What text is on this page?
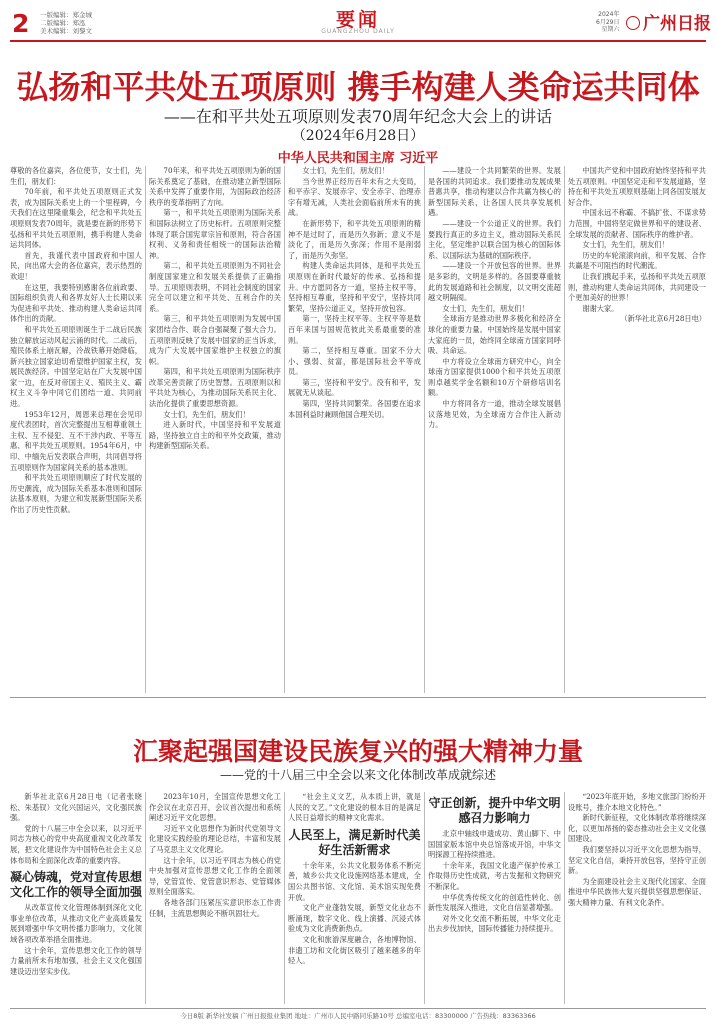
2 一版编辑：郑金城
二版编辑：郑泓
美术编辑：刘黎文	要闻
GUANGZHOU DAILY
2024年
6月29日
星期六	广州日报
弘扬和平共处五项原则 携手构建人类命运共同体
——在和平共处五项原则发表70周年纪念大会上的讲话
（2024年6月28日）
中华人民共和国主席 习近平

尊敬的各位嘉宾，各位使节，女士们，先生们，朋友们：

70年前，和平共处五项原则正式发表，成为国际关系史上的一个里程碑，今天我们在这里隆重集会，纪念和平共处五项原则发表70周年，就是要在新的形势下弘扬和平共处五项原则，携手构建人类命运共同体。

首先，我谨代表中国政府和中国人民，向出席大会的各位嘉宾，表示热烈的欢迎！

在这里，我要特别感谢各位前政要、国际组织负责人和各界友好人士长期以来为促进和平共处、推动构建人类命运共同体作出的贡献。

和平共处五项原则诞生于二战后民族独立解放运动风起云涌的时代。二战后，殖民体系土崩瓦解，冷战铁幕开始降临，新兴独立国家迫切希望维护国家主权，发展民族经济。中国坚定站在广大发展中国家一边，在反对帝国主义、殖民主义、霸权主义斗争中同它们团结一道、共同前进。

1953年12月，周恩来总理在会见印度代表团时，首次完整提出互相尊重领土主权、互不侵犯、互不干涉内政、平等互惠、和平共处五项原则。1954年6月，中印、中缅先后发表联合声明，共同倡导将五项原则作为国家间关系的基本准则。

和平共处五项原则顺应了时代发展的历史潮流，成为国际关系基本准则和国际法基本原则，为建立和发展新型国际关系作出了历史性贡献。

70年来，和平共处五项原则为新的国际关系奠定了基础，在推动建立新型国际关系中发挥了重要作用，为国际政治经济秩序的变革指明了方向。

第一，和平共处五项原则为国际关系和国际法树立了历史标杆。五项原则完整体现了联合国宪章宗旨和原则，符合各国权利、义务和责任相统一的国际法治精神。

第二，和平共处五项原则为不同社会制度国家建立和发展关系提供了正确指导。五项原则表明，不同社会制度的国家完全可以建立和平共处、互利合作的关系。

第三，和平共处五项原则为发展中国家团结合作、联合自强凝聚了强大合力。五项原则反映了发展中国家的正当诉求，成为广大发展中国家维护主权独立的旗帜。

第四，和平共处五项原则为国际秩序改革完善贡献了历史智慧。五项原则以和平共处为核心，为推动国际关系民主化、法治化提供了重要思想资源。

女士们，先生们，朋友们！

进入新时代，中国坚持和平发展道路，坚持独立自主的和平外交政策，推动构建新型国际关系。

女士们，先生们，朋友们！

当今世界正经历百年未有之大变局，和平赤字、发展赤字、安全赤字、治理赤字有增无减，人类社会面临前所未有的挑战。

在新形势下，和平共处五项原则的精神不是过时了，而是历久弥新；意义不是淡化了，而是历久弥深；作用不是削弱了，而是历久弥坚。

构建人类命运共同体，是和平共处五项原则在新时代最好的传承、弘扬和提升。中方愿同各方一道，坚持主权平等，坚持相互尊重，坚持和平安宁，坚持共同繁荣，坚持公道正义，坚持开放包容。

第一，坚持主权平等。主权平等是数百年来国与国规范彼此关系最重要的准则。

第二，坚持相互尊重。国家不分大小、强弱、贫富，都是国际社会平等成员。

第三，坚持和平安宁。没有和平，发展就无从谈起。

第四，坚持共同繁荣。各国要在追求本国利益时兼顾他国合理关切。

——建设一个共同繁荣的世界。发展是各国的共同追求。我们要推动发展成果普惠共享，推动构建以合作共赢为核心的新型国际关系，让各国人民共享发展机遇。

——建设一个公道正义的世界。我们要践行真正的多边主义，推动国际关系民主化，坚定维护以联合国为核心的国际体系、以国际法为基础的国际秩序。

——建设一个开放包容的世界。世界是多彩的，文明是多样的。各国要尊重彼此的发展道路和社会制度，以文明交流超越文明隔阂。

女士们，先生们，朋友们！

全球南方是推动世界多极化和经济全球化的重要力量。中国始终是发展中国家大家庭的一员，始终同全球南方国家同呼吸、共命运。

中方将设立全球南方研究中心，向全球南方国家提供1000个和平共处五项原则卓越奖学金名额和10万个研修培训名额。

中方将同各方一道，推动全球发展倡议落地见效，为全球南方合作注入新动力。

中国共产党和中国政府始终坚持和平共处五项原则。中国坚定走和平发展道路，坚持在和平共处五项原则基础上同各国发展友好合作。

中国永远不称霸、不搞扩张、不谋求势力范围，中国将坚定做世界和平的建设者、全球发展的贡献者、国际秩序的维护者。

女士们，先生们，朋友们！

历史的车轮滚滚向前，和平发展、合作共赢是不可阻挡的时代潮流。

让我们携起手来，弘扬和平共处五项原则，推动构建人类命运共同体，共同建设一个更加美好的世界！

谢谢大家。

（新华社北京6月28日电）

汇聚起强国建设民族复兴的强大精神力量
——党的十八届三中全会以来文化体制改革成就综述

新华社北京6月28日电（记者张晓松、朱基钗）文化兴国运兴，文化强民族强。

党的十八届三中全会以来，以习近平同志为核心的党中央高度重视文化改革发展，把文化建设作为中国特色社会主义总体布局和全面深化改革的重要内容。

凝心铸魂，党对宣传思想文化工作的领导全面加强

从改革宣传文化管理体制到深化文化事业单位改革，从推动文化产业高质量发展到增强中华文明传播力影响力，文化领域各项改革举措全面推进。

这十余年，宣传思想文化工作的领导力量前所未有地加强，社会主义文化强国建设迈出坚实步伐。

2023年10月，全国宣传思想文化工作会议在北京召开，会议首次提出和系统阐述习近平文化思想。

习近平文化思想作为新时代党领导文化建设实践经验的理论总结，丰富和发展了马克思主义文化理论。

这十余年，以习近平同志为核心的党中央加强对宣传思想文化工作的全面领导，党管宣传、党管意识形态、党管媒体原则全面落实。

各地各部门压紧压实意识形态工作责任制，主流思想舆论不断巩固壮大。

“社会主义文艺，从本质上讲，就是人民的文艺。”文化建设的根本目的是满足人民日益增长的精神文化需求。

人民至上，满足新时代美好生活新需求

十余年来，公共文化服务体系不断完善，城乡公共文化设施网络基本建成，全国公共图书馆、文化馆、美术馆实现免费开放。

文化产业蓬勃发展，新型文化业态不断涌现，数字文化、线上演播、沉浸式体验成为文化消费新热点。

文化和旅游深度融合，各地博物馆、非遗工坊和文化街区吸引了越来越多的年轻人。

守正创新，提升中华文明感召力影响力

北京中轴线申遗成功、黄山脚下、中国国家版本馆中央总馆落成开馆，中华文明探源工程持续推进。

十余年来，我国文化遗产保护传承工作取得历史性成就，考古发掘和文物研究不断深化。

中华优秀传统文化的创造性转化、创新性发展深入推进，文化自信显著增强。

对外文化交流不断拓展，中华文化走出去步伐加快，国际传播能力持续提升。

“2023年底开始，多地文旅部门纷纷开设账号，推介本地文化特色。”

新时代新征程，文化体制改革将继续深化，以更加昂扬的姿态推动社会主义文化强国建设。

我们要坚持以习近平文化思想为指导，坚定文化自信，秉持开放包容，坚持守正创新。

为全面建设社会主义现代化国家、全面推进中华民族伟大复兴提供坚强思想保证、强大精神力量、有利文化条件。

今日8版 新华社发稿 广州日报报业集团 地址：广州市人民中路同乐路10号 总编室电话：83300000 广告热线：83363366
